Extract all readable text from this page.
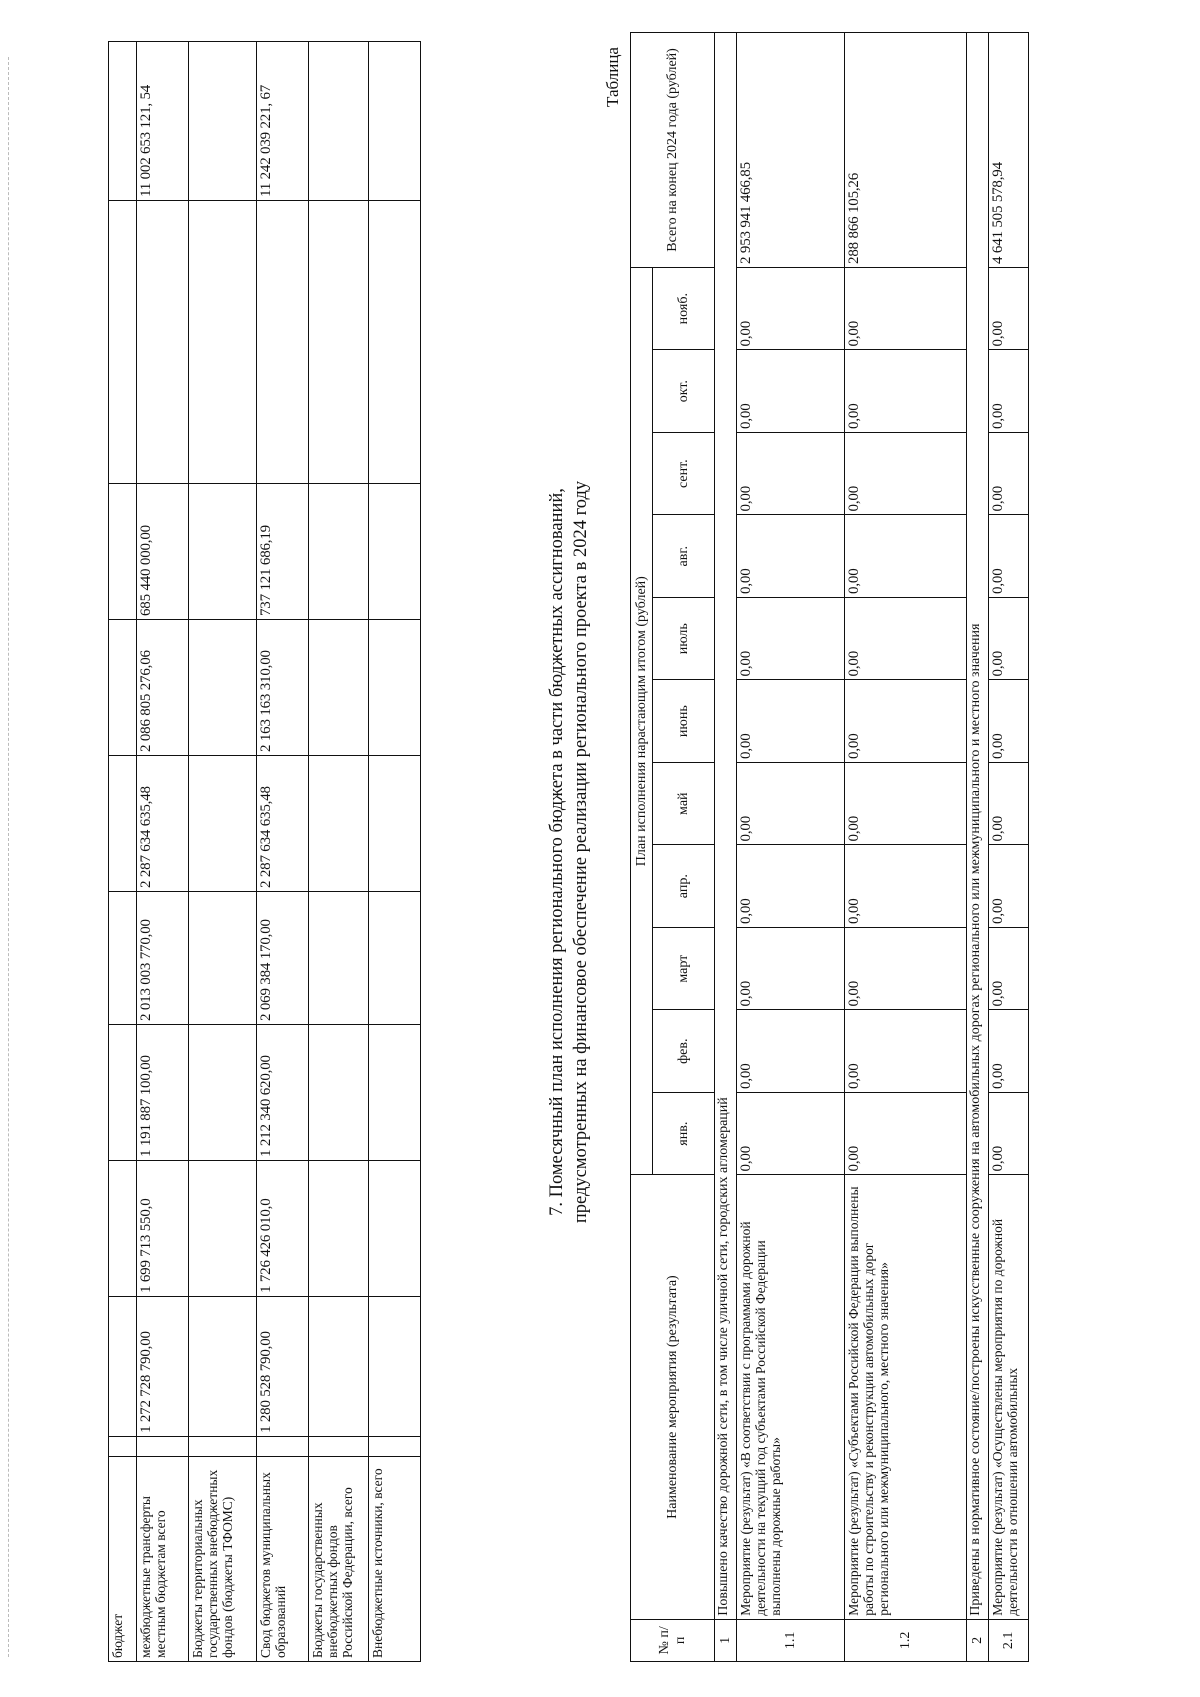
бюджет										
межбюджетные трансферты местным бюджетам всего		1 272 728 790,00	1 699 713 550,0	1 191 887 100,00	2 013 003 770,00	2 287 634 635,48	2 086 805 276,06	685 440 000,00		11 002 653 121, 54
Бюджеты территориальных государственных внебюджетных фондов (бюджеты ТФОМС)										
Свод бюджетов муниципальных образований		1 280 528 790,00	1 726 426 010,0	1 212 340 620,00	2 069 384 170,00	2 287 634 635,48	2 163 163 310,00	737 121 686,19		11 242 039 221, 67
Бюджеты государственных внебюджетных фондов Российской Федерации, всего										
Внебюджетные источники, всего										
7. Помесячный план исполнения регионального бюджета в части бюджетных ассигнований, предусмотренных на финансовое обеспечение реализации регионального проекта в 2024 году
Таблица
№ п/п	Наименование мероприятия (результата)	План исполнения нарастающим итогом (рублей)											Всего на конец 2024 года (рублей)
		янв.	фев.	март	апр.	май	июнь	июль	авг.	сент.	окт.	нояб.	
1	Повышено качество дорожной сети, в том числе уличной сети, городских агломераций												
1.1	Мероприятие (результат) «В соответствии с программами дорожной деятельности на текущий год субъектами Российской Федерации выполнены дорожные работы»	0,00	0,00	0,00	0,00	0,00	0,00	0,00	0,00	0,00	0,00	0,00	2 953 941 466,85
1.2	Мероприятие (результат) «Субъектами Российской Федерации выполнены работы по строительству и реконструкции автомобильных дорог регионального или межмуниципального, местного значения»	0,00	0,00	0,00	0,00	0,00	0,00	0,00	0,00	0,00	0,00	0,00	288 866 105,26
2	Приведены в нормативное состояние/построены искусственные сооружения на автомобильных дорогах регионального или межмуниципального и местного значения												
2.1	Мероприятие (результат) «Осуществлены мероприятия по дорожной деятельности в отношении автомобильных	0,00	0,00	0,00	0,00	0,00	0,00	0,00	0,00	0,00	0,00	0,00	4 641 505 578,94
